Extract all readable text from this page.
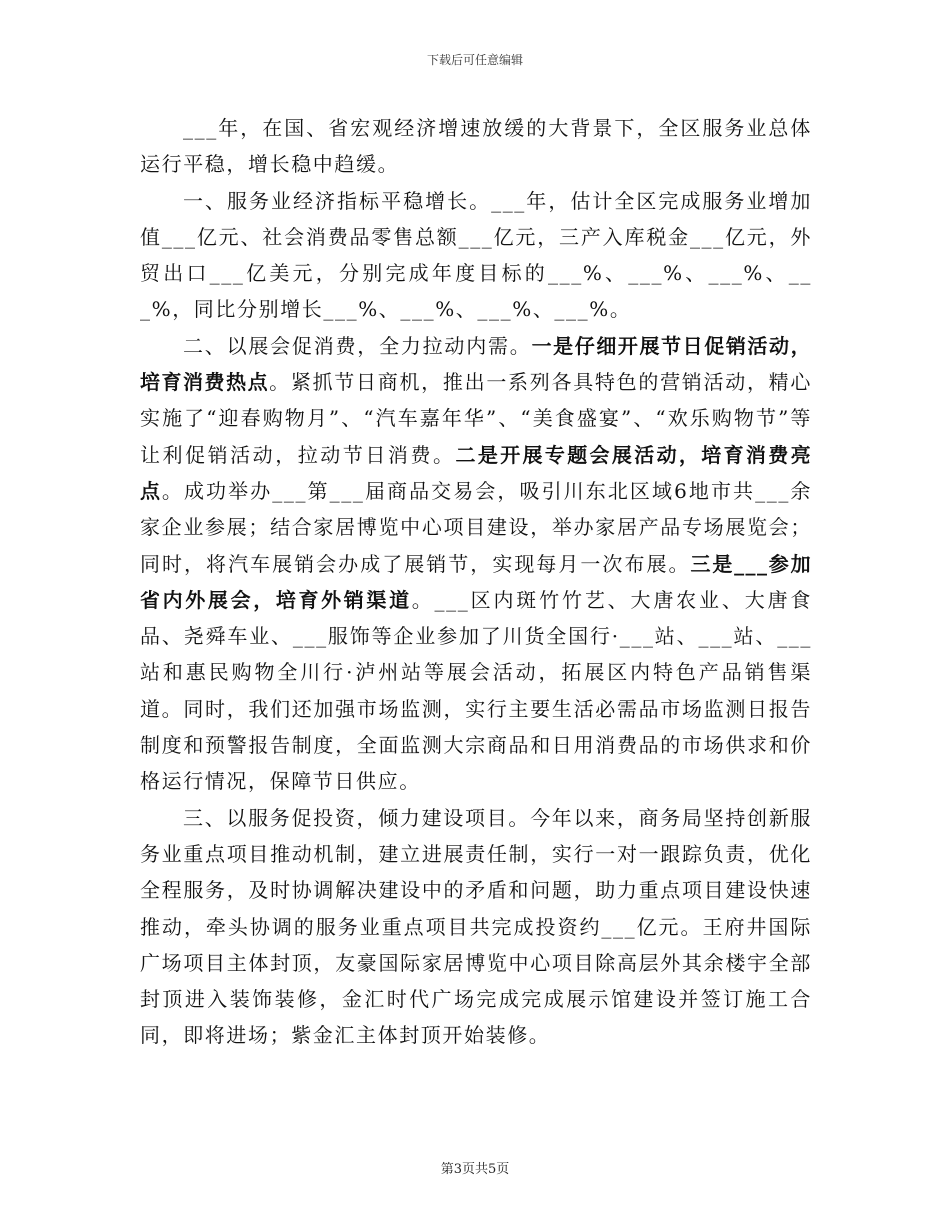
下载后可任意编辑

___年，在国、省宏观经济增速放缓的大背景下，全区服务业总体运行平稳，增长稳中趋缓。

一、服务业经济指标平稳增长。___年，估计全区完成服务业增加值___亿元、社会消费品零售总额___亿元，三产入库税金___亿元，外贸出口___亿美元，分别完成年度目标的___%、___%、___%、___%，同比分别增长___%、___%、___%、___%。

二、以展会促消费，全力拉动内需。一是仔细开展节日促销活动，培育消费热点。紧抓节日商机，推出一系列各具特色的营销活动，精心实施了“迎春购物月”、“汽车嘉年华”、“美食盛宴”、“欢乐购物节”等让利促销活动，拉动节日消费。二是开展专题会展活动，培育消费亮点。成功举办___第___届商品交易会，吸引川东北区域6地市共___余家企业参展；结合家居博览中心项目建设，举办家居产品专场展览会；同时，将汽车展销会办成了展销节，实现每月一次布展。三是___参加省内外展会，培育外销渠道。___区内斑竹竹艺、大唐农业、大唐食品、尧舜车业、___服饰等企业参加了川货全国行·___站、___站、___站和惠民购物全川行·泸州站等展会活动，拓展区内特色产品销售渠道。同时，我们还加强市场监测，实行主要生活必需品市场监测日报告制度和预警报告制度，全面监测大宗商品和日用消费品的市场供求和价格运行情况，保障节日供应。

三、以服务促投资，倾力建设项目。今年以来，商务局坚持创新服务业重点项目推动机制，建立进展责任制，实行一对一跟踪负责，优化全程服务，及时协调解决建设中的矛盾和问题，助力重点项目建设快速推动，牵头协调的服务业重点项目共完成投资约___亿元。王府井国际广场项目主体封顶，友豪国际家居博览中心项目除高层外其余楼宇全部封顶进入装饰装修，金汇时代广场完成完成展示馆建设并签订施工合同，即将进场；紫金汇主体封顶开始装修。

第3页共5页
